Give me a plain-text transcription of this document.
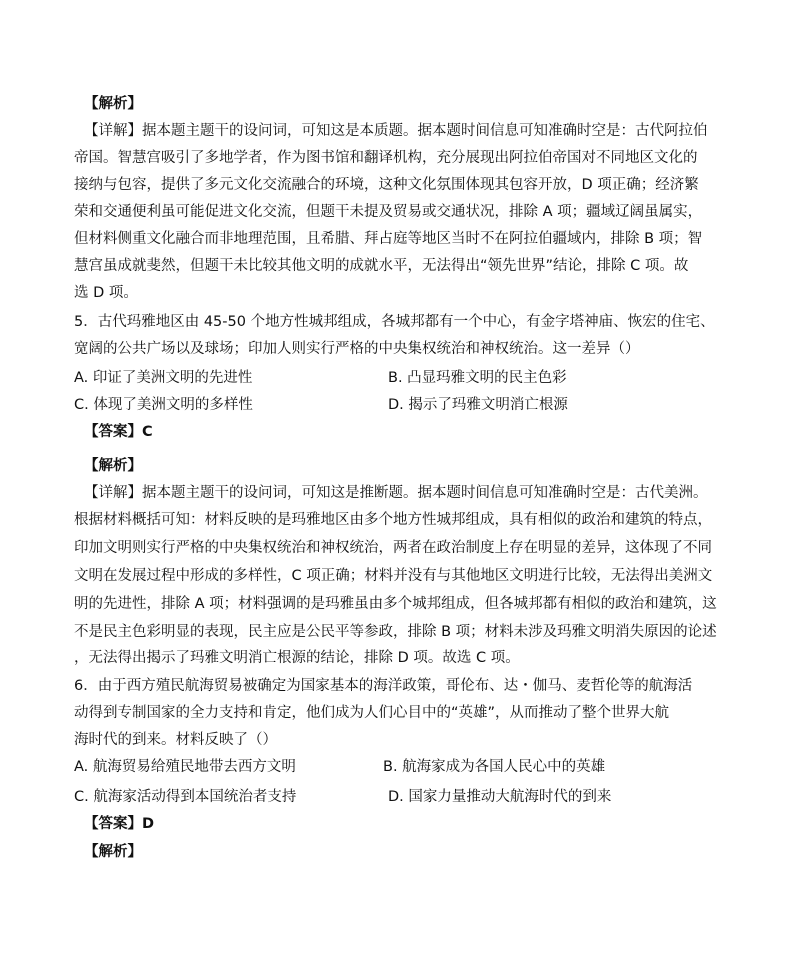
【解析】
【详解】据本题主题干的设问词，可知这是本质题。据本题时间信息可知准确时空是：古代阿拉伯
帝国。智慧宫吸引了多地学者，作为图书馆和翻译机构，充分展现出阿拉伯帝国对不同地区文化的
接纳与包容，提供了多元文化交流融合的环境，这种文化氛围体现其包容开放，D 项正确；经济繁
荣和交通便利虽可能促进文化交流，但题干未提及贸易或交通状况，排除 A 项；疆域辽阔虽属实，
但材料侧重文化融合而非地理范围，且希腊、拜占庭等地区当时不在阿拉伯疆域内，排除 B 项；智
慧宫虽成就斐然，但题干未比较其他文明的成就水平，无法得出“领先世界”结论，排除 C 项。故
选 D 项。
5．古代玛雅地区由 45-50 个地方性城邦组成，各城邦都有一个中心，有金字塔神庙、恢宏的住宅、
宽阔的公共广场以及球场；印加人则实行严格的中央集权统治和神权统治。这一差异（）
A. 印证了美洲文明的先进性	B. 凸显玛雅文明的民主色彩
C. 体现了美洲文明的多样性	D. 揭示了玛雅文明消亡根源
【答案】C
【解析】
【详解】据本题主题干的设问词，可知这是推断题。据本题时间信息可知准确时空是：古代美洲。
根据材料概括可知：材料反映的是玛雅地区由多个地方性城邦组成，具有相似的政治和建筑的特点，
印加文明则实行严格的中央集权统治和神权统治，两者在政治制度上存在明显的差异，这体现了不同
文明在发展过程中形成的多样性，C 项正确；材料并没有与其他地区文明进行比较，无法得出美洲文
明的先进性，排除 A 项；材料强调的是玛雅虽由多个城邦组成，但各城邦都有相似的政治和建筑，这
不是民主色彩明显的表现，民主应是公民平等参政，排除 B 项；材料未涉及玛雅文明消失原因的论述
，无法得出揭示了玛雅文明消亡根源的结论，排除 D 项。故选 C 项。
6．由于西方殖民航海贸易被确定为国家基本的海洋政策，哥伦布、达・伽马、麦哲伦等的航海活
动得到专制国家的全力支持和肯定，他们成为人们心目中的“英雄”，从而推动了整个世界大航
海时代的到来。材料反映了（）
A. 航海贸易给殖民地带去西方文明	B. 航海家成为各国人民心中的英雄
C. 航海家活动得到本国统治者支持	D. 国家力量推动大航海时代的到来
【答案】D
【解析】
